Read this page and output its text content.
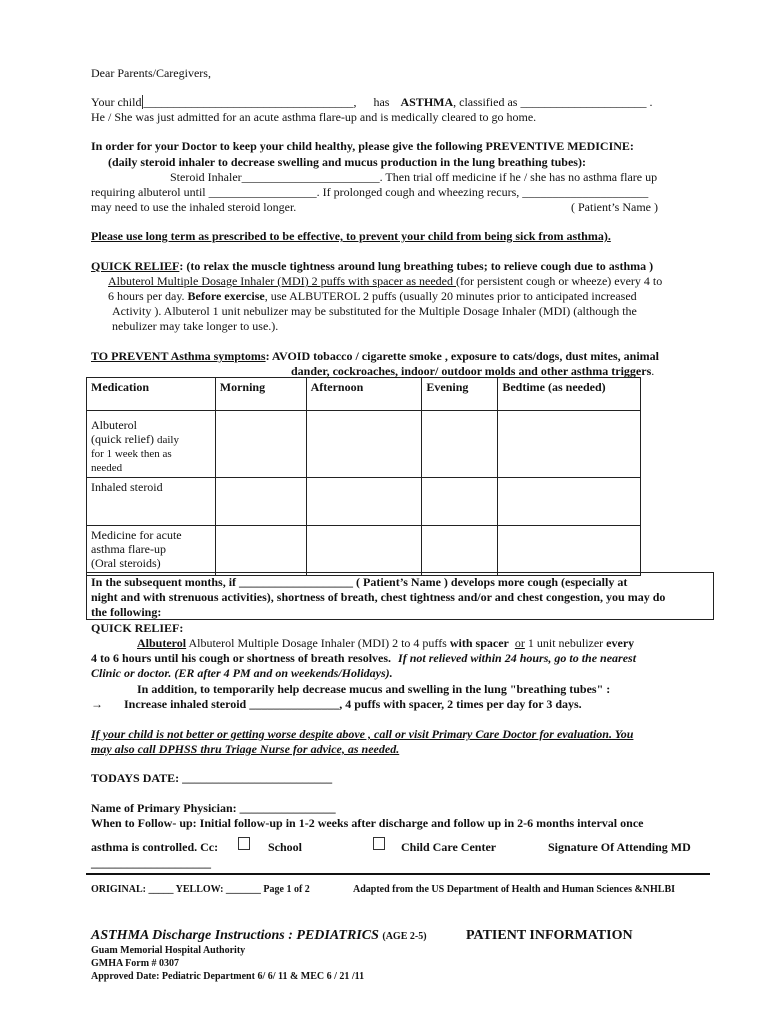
Dear Parents/Caregivers,
Your child ___________________________________, has ASTHMA, classified as _____________________ .
He / She was just admitted for an acute asthma flare-up and is medically cleared to go home.
In order for your Doctor to keep your child healthy, please give the following PREVENTIVE MEDICINE:
(daily steroid inhaler to decrease swelling and mucus production in the lung breathing tubes):
Steroid Inhaler_______________________. Then trial off medicine if he / she has no asthma flare up
requiring albuterol until __________________. If prolonged cough and wheezing recurs, _____________________
may need to use the inhaled steroid longer.	( Patient’s Name )
Please use long term as prescribed to be effective, to prevent your child from being sick from asthma).
QUICK RELIEF: (to relax the muscle tightness around lung breathing tubes; to relieve cough due to asthma )
Albuterol Multiple Dosage Inhaler (MDI) 2 puffs with spacer as needed (for persistent cough or wheeze) every 4 to
6 hours per day. Before exercise, use ALBUTEROL 2 puffs (usually 20 minutes prior to anticipated increased
Activity ). Albuterol 1 unit nebulizer may be substituted for the Multiple Dosage Inhaler (MDI) (although the
nebulizer may take longer to use.).
TO PREVENT Asthma symptoms: AVOID tobacco / cigarette smoke , exposure to cats/dogs, dust mites, animal
dander, cockroaches, indoor/ outdoor molds and other asthma triggers.
Medication	Morning	Afternoon	Evening	Bedtime (as needed)

Albuterol
(quick relief) daily
for 1 week then as
needed				

Inhaled steroid				

Medicine for acute
asthma flare-up
(Oral steroids)				

In the subsequent months, if ___________________ ( Patient’s Name ) develops more cough (especially at
night and with strenuous activities), shortness of breath, chest tightness and/or and chest congestion, you may do
the following:
QUICK RELIEF:
Albuterol Albuterol Multiple Dosage Inhaler (MDI) 2 to 4 puffs with spacer or 1 unit nebulizer every
4 to 6 hours until his cough or shortness of breath resolves. If not relieved within 24 hours, go to the nearest
Clinic or doctor. (ER after 4 PM and on weekends/Holidays).
In addition, to temporarily help decrease mucus and swelling in the lung "breathing tubes" :
→ Increase inhaled steroid _______________, 4 puffs with spacer, 2 times per day for 3 days.
If your child is not better or getting worse despite above , call or visit Primary Care Doctor for evaluation. You
may also call DPHSS thru Triage Nurse for advice, as needed.
TODAYS DATE: _________________________
Name of Primary Physician: ________________
When to Follow- up: Initial follow-up in 1-2 weeks after discharge and follow up in 2-6 months interval once
asthma is controlled. Cc:	School	Child Care Center	Signature Of Attending MD
____________________
ORIGINAL: _____ YELLOW: _______ Page 1 of 2	Adapted from the US Department of Health and Human Sciences &NHLBI
ASTHMA Discharge Instructions : PEDIATRICS (AGE 2-5)	PATIENT INFORMATION
Guam Memorial Hospital Authority
GMHA Form # 0307
Approved Date: Pediatric Department 6/ 6/ 11 & MEC 6 / 21 /11
